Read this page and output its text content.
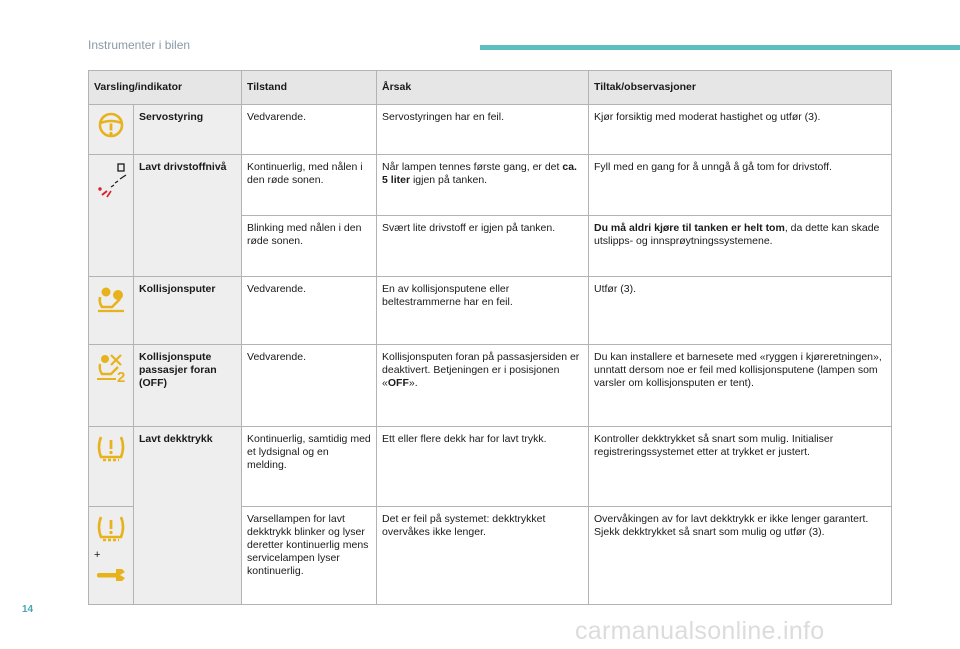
Instrumenter i bilen
Varsling/indikator		Tilstand	Årsak	Tiltak/observasjoner

	Servostyring	Vedvarende.	Servostyringen har en feil.	Kjør forsiktig med moderat hastighet og utfør (3).

	Lavt drivstoffnivå	Kontinuerlig, med nålen i den røde sonen.	Når lampen tennes første gang, er det ca. 5 liter igjen på tanken.	Fyll med en gang for å unngå å gå tom for drivstoff.
		Blinking med nålen i den røde sonen.	Svært lite drivstoff er igjen på tanken.	Du må aldri kjøre til tanken er helt tom, da dette kan skade utslipps- og innsprøytningssystemene.

	Kollisjonsputer	Vedvarende.	En av kollisjonsputene eller beltestrammerne har en feil.	Utfør (3).

2	Kollisjonspute passasjer foran (OFF)	Vedvarende.	Kollisjonsputen foran på passasjersiden er deaktivert. Betjeningen er i posisjonen «OFF».	Du kan installere et barnesete med «ryggen i kjøreretningen», unntatt dersom noe er feil med kollisjonsputene (lampen som varsler om kollisjonsputen er tent).

	Lavt dekktrykk	Kontinuerlig, samtidig med et lydsignal og en melding.	Ett eller flere dekk har for lavt trykk.	Kontroller dekktrykket så snart som mulig. Initialiser registreringssystemet etter at trykket er justert.

+		Varsellampen for lavt dekktrykk blinker og lyser deretter kontinuerlig mens servicelampen lyser kontinuerlig.	Det er feil på systemet: dekktrykket overvåkes ikke lenger.	Overvåkingen av for lavt dekktrykk er ikke lenger garantert. Sjekk dekktrykket så snart som mulig og utfør (3).
14
carmanualsonline.info
